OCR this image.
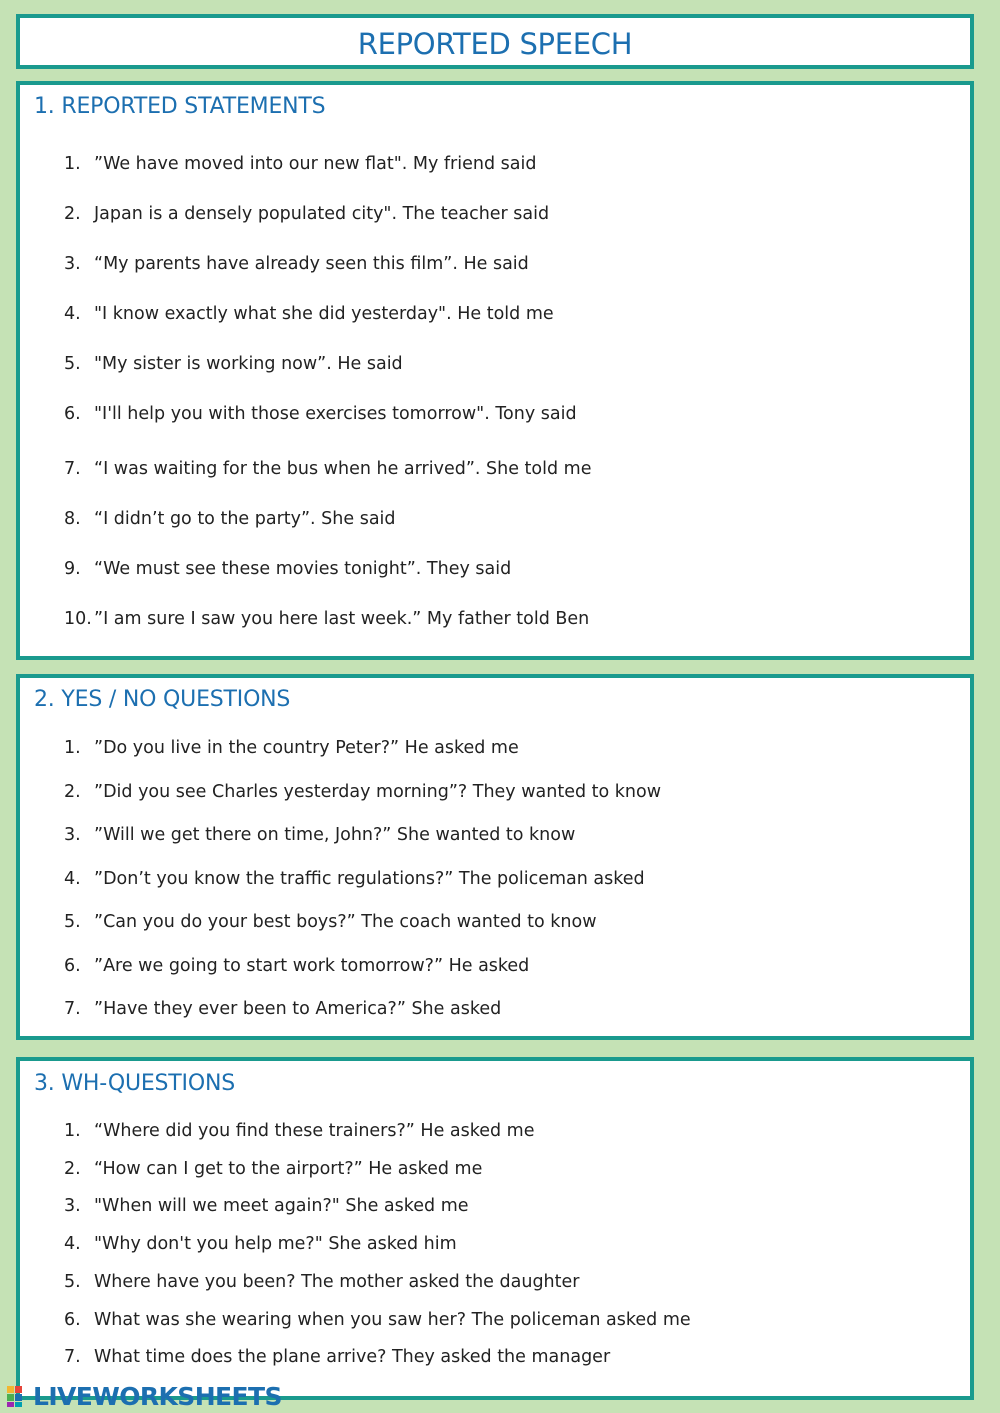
REPORTED SPEECH
1. REPORTED STATEMENTS
1. ”We have moved into our new flat". My friend said
2. Japan is a densely populated city". The teacher said
3. “My parents have already seen this film”. He said
4. "I know exactly what she did yesterday". He told me
5. "My sister is working now”. He said
6. "I'll help you with those exercises tomorrow". Tony said
7. “I was waiting for the bus when he arrived”. She told me
8. “I didn’t go to the party”. She said
9. “We must see these movies tonight”. They said
10. ”I am sure I saw you here last week.” My father told Ben
2. YES / NO QUESTIONS
1. ”Do you live in the country Peter?” He asked me
2. ”Did you see Charles yesterday morning”? They wanted to know
3. ”Will we get there on time, John?” She wanted to know
4. ”Don’t you know the traffic regulations?” The policeman asked
5. ”Can you do your best boys?” The coach wanted to know
6. ”Are we going to start work tomorrow?” He asked
7. ”Have they ever been to America?” She asked
3. WH-QUESTIONS
1. “Where did you find these trainers?” He asked me
2. “How can I get to the airport?” He asked me
3. "When will we meet again?" She asked me
4. "Why don't you help me?" She asked him
5. Where have you been? The mother asked the daughter
6. What was she wearing when you saw her? The policeman asked me
7. What time does the plane arrive? They asked the manager
LIVEWORKSHEETS
